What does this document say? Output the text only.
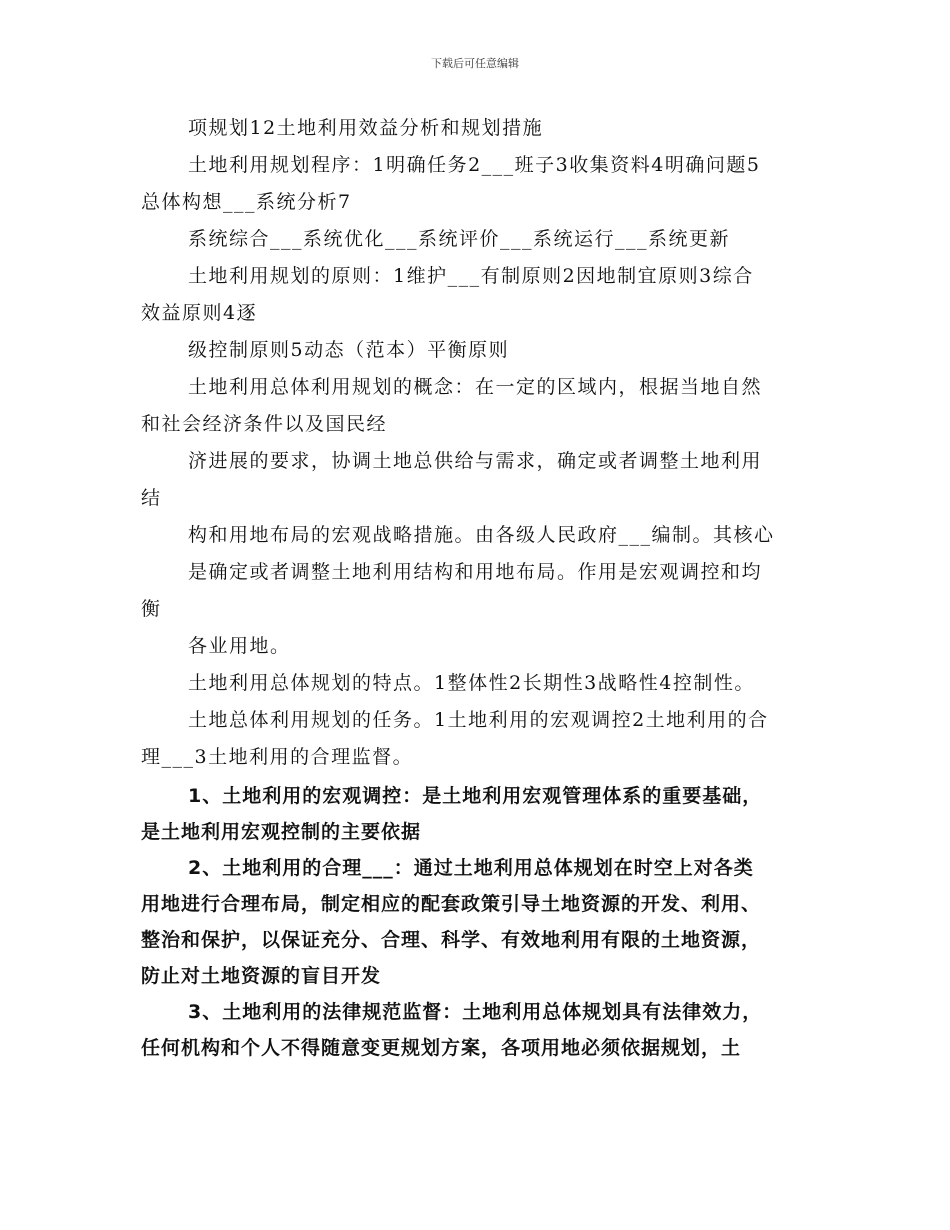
下载后可任意编辑
项规划12土地利用效益分析和规划措施
土地利用规划程序：1明确任务2___班子3收集资料4明确问题5
总体构想___系统分析7
系统综合___系统优化___系统评价___系统运行___系统更新
土地利用规划的原则：1维护___有制原则2因地制宜原则3综合
效益原则4逐
级控制原则5动态（范本）平衡原则
土地利用总体利用规划的概念：在一定的区域内，根据当地自然
和社会经济条件以及国民经
济进展的要求，协调土地总供给与需求，确定或者调整土地利用
结
构和用地布局的宏观战略措施。由各级人民政府___编制。其核心
是确定或者调整土地利用结构和用地布局。作用是宏观调控和均
衡
各业用地。
土地利用总体规划的特点。1整体性2长期性3战略性4控制性。
土地总体利用规划的任务。1土地利用的宏观调控2土地利用的合
理___3土地利用的合理监督。
1、土地利用的宏观调控：是土地利用宏观管理体系的重要基础，
是土地利用宏观控制的主要依据
2、土地利用的合理___：通过土地利用总体规划在时空上对各类
用地进行合理布局，制定相应的配套政策引导土地资源的开发、利用、
整治和保护，以保证充分、合理、科学、有效地利用有限的土地资源，
防止对土地资源的盲目开发
3、土地利用的法律规范监督：土地利用总体规划具有法律效力，
任何机构和个人不得随意变更规划方案，各项用地必须依据规划，土
